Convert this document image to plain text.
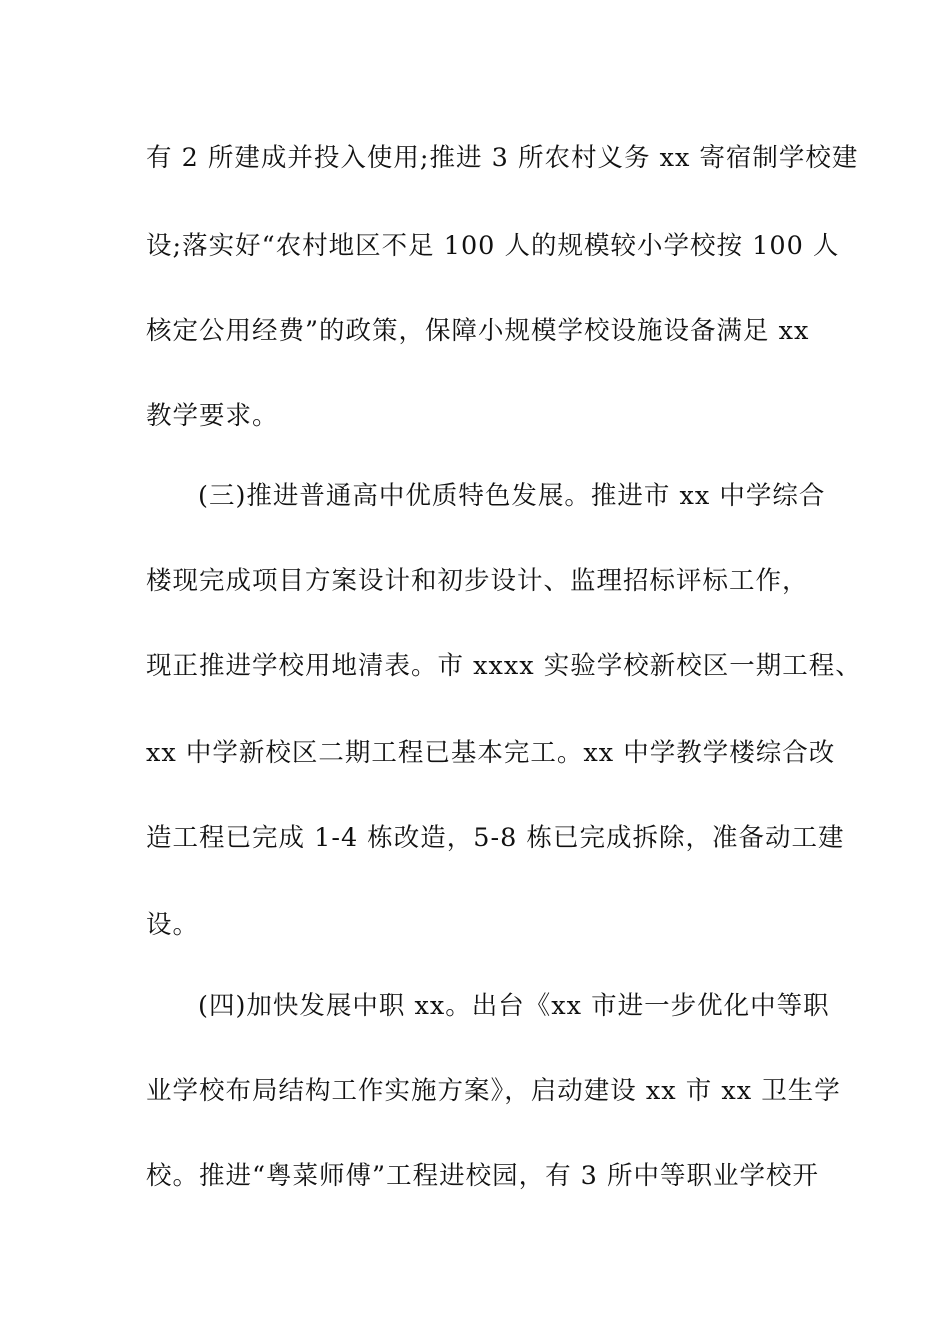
有 2 所建成并投入使用;推进 3 所农村义务 xx 寄宿制学校建

设;落实好“农村地区不足 100 人的规模较小学校按 100 人

核定公用经费”的政策，保障小规模学校设施设备满足 xx

教学要求。

(三)推进普通高中优质特色发展。推进市 xx 中学综合

楼现完成项目方案设计和初步设计、监理招标评标工作，

现正推进学校用地清表。市 xxxx 实验学校新校区一期工程、

xx 中学新校区二期工程已基本完工。xx 中学教学楼综合改

造工程已完成 1-4 栋改造，5-8 栋已完成拆除，准备动工建

设。

(四)加快发展中职 xx。出台《xx 市进一步优化中等职

业学校布局结构工作实施方案》，启动建设 xx 市 xx 卫生学

校。推进“粤菜师傅”工程进校园，有 3 所中等职业学校开
